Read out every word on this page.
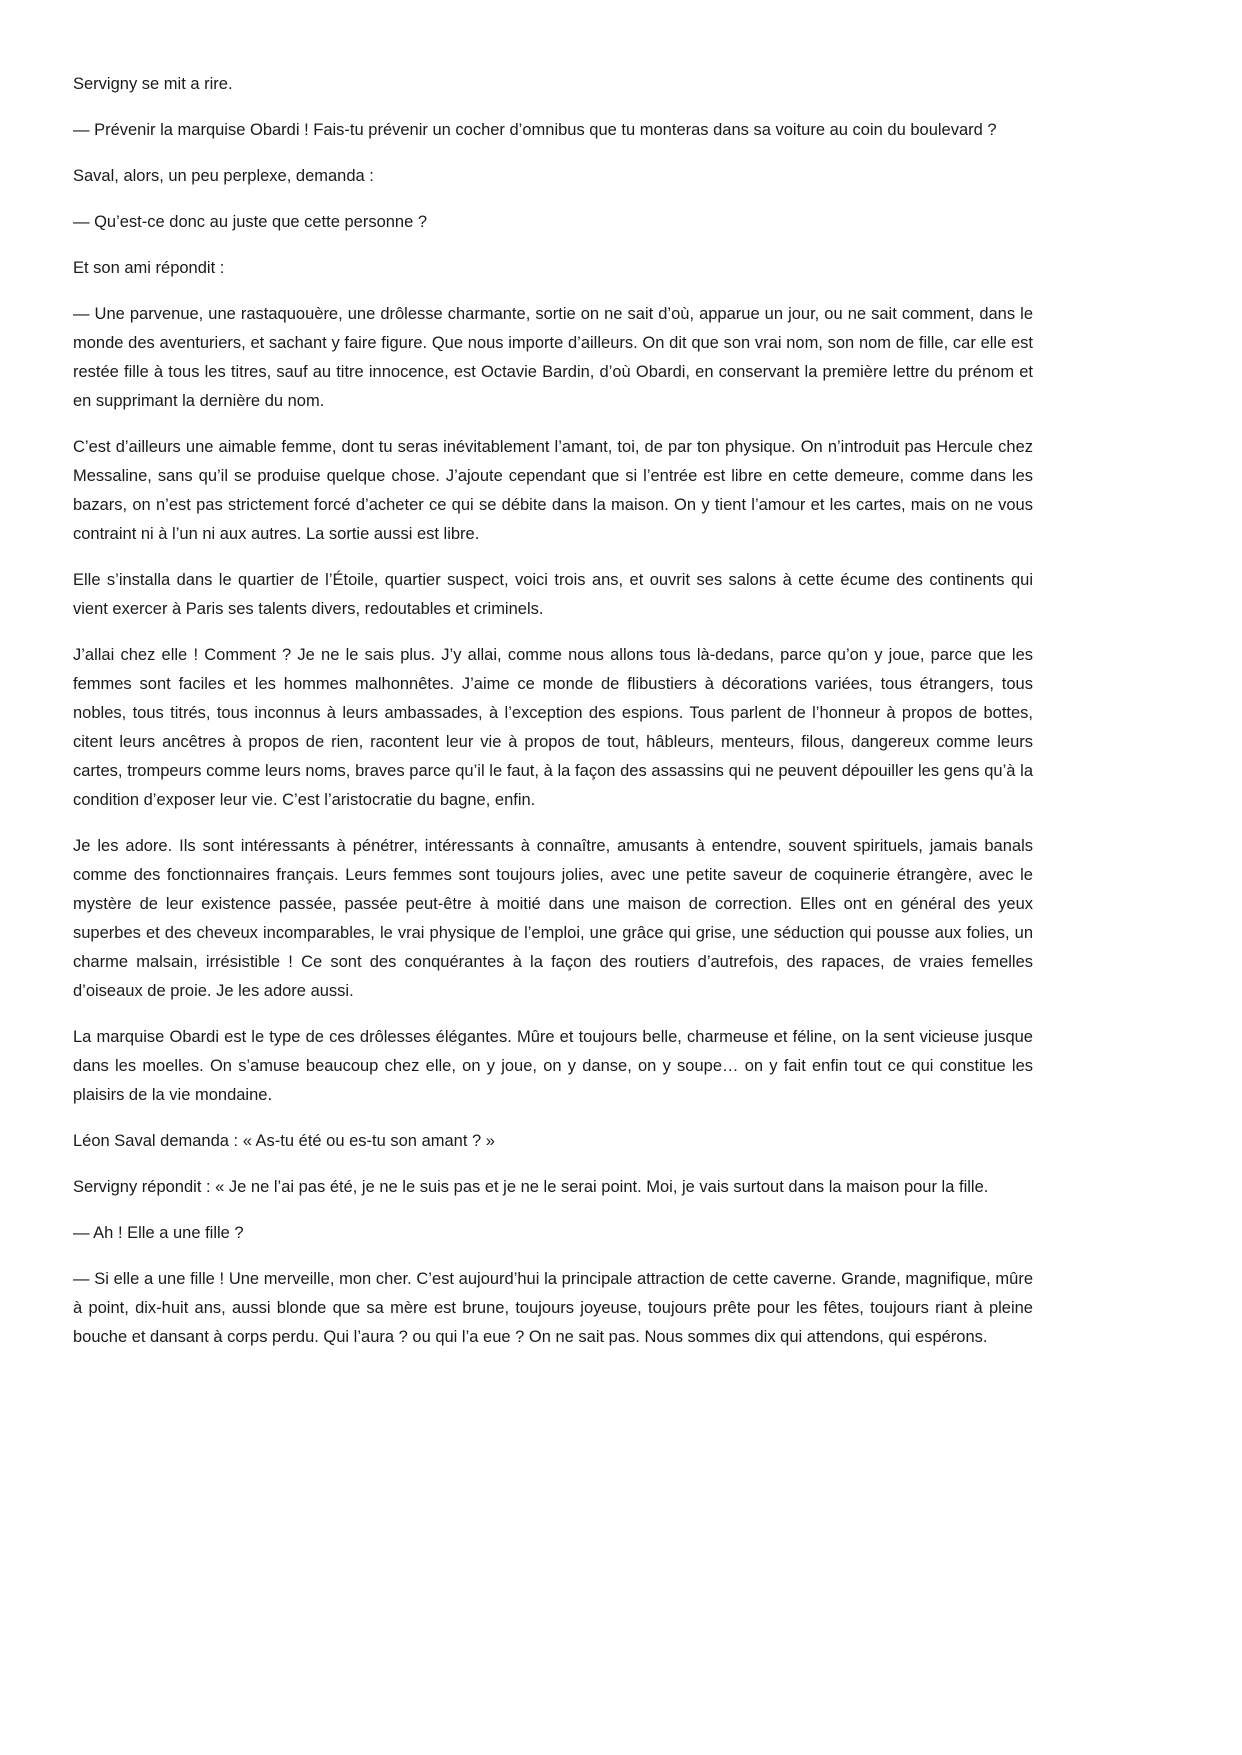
Servigny se mit a rire.

— Prévenir la marquise Obardi ! Fais-tu prévenir un cocher d’omnibus que tu monteras dans sa voiture au coin du boulevard ?

Saval, alors, un peu perplexe, demanda :

— Qu’est-ce donc au juste que cette personne ?

Et son ami répondit :

— Une parvenue, une rastaquouère, une drôlesse charmante, sortie on ne sait d’où, apparue un jour, ou ne sait comment, dans le monde des aventuriers, et sachant y faire figure. Que nous importe d’ailleurs. On dit que son vrai nom, son nom de fille, car elle est restée fille à tous les titres, sauf au titre innocence, est Octavie Bardin, d’où Obardi, en conservant la première lettre du prénom et en supprimant la dernière du nom.

C’est d’ailleurs une aimable femme, dont tu seras inévitablement l’amant, toi, de par ton physique. On n’introduit pas Hercule chez Messaline, sans qu’il se produise quelque chose. J’ajoute cependant que si l’entrée est libre en cette demeure, comme dans les bazars, on n’est pas strictement forcé d’acheter ce qui se débite dans la maison. On y tient l’amour et les cartes, mais on ne vous contraint ni à l’un ni aux autres. La sortie aussi est libre.

Elle s’installa dans le quartier de l’Étoile, quartier suspect, voici trois ans, et ouvrit ses salons à cette écume des continents qui vient exercer à Paris ses talents divers, redoutables et criminels.

J’allai chez elle ! Comment ? Je ne le sais plus. J’y allai, comme nous allons tous là-dedans, parce qu’on y joue, parce que les femmes sont faciles et les hommes malhonnêtes. J’aime ce monde de flibustiers à décorations variées, tous étrangers, tous nobles, tous titrés, tous inconnus à leurs ambassades, à l’exception des espions. Tous parlent de l’honneur à propos de bottes, citent leurs ancêtres à propos de rien, racontent leur vie à propos de tout, hâbleurs, menteurs, filous, dangereux comme leurs cartes, trompeurs comme leurs noms, braves parce qu’il le faut, à la façon des assassins qui ne peuvent dépouiller les gens qu’à la condition d’exposer leur vie. C’est l’aristocratie du bagne, enfin.

Je les adore. Ils sont intéressants à pénétrer, intéressants à connaître, amusants à entendre, souvent spirituels, jamais banals comme des fonctionnaires français. Leurs femmes sont toujours jolies, avec une petite saveur de coquinerie étrangère, avec le mystère de leur existence passée, passée peut-être à moitié dans une maison de correction. Elles ont en général des yeux superbes et des cheveux incomparables, le vrai physique de l’emploi, une grâce qui grise, une séduction qui pousse aux folies, un charme malsain, irrésistible ! Ce sont des conquérantes à la façon des routiers d’autrefois, des rapaces, de vraies femelles d’oiseaux de proie. Je les adore aussi.

La marquise Obardi est le type de ces drôlesses élégantes. Mûre et toujours belle, charmeuse et féline, on la sent vicieuse jusque dans les moelles. On s’amuse beaucoup chez elle, on y joue, on y danse, on y soupe… on y fait enfin tout ce qui constitue les plaisirs de la vie mondaine.

Léon Saval demanda : « As-tu été ou es-tu son amant ? »

Servigny répondit : « Je ne l’ai pas été, je ne le suis pas et je ne le serai point. Moi, je vais surtout dans la maison pour la fille.

— Ah ! Elle a une fille ?

— Si elle a une fille ! Une merveille, mon cher. C’est aujourd’hui la principale attraction de cette caverne. Grande, magnifique, mûre à point, dix-huit ans, aussi blonde que sa mère est brune, toujours joyeuse, toujours prête pour les fêtes, toujours riant à pleine bouche et dansant à corps perdu. Qui l’aura ? ou qui l’a eue ? On ne sait pas. Nous sommes dix qui attendons, qui espérons.
